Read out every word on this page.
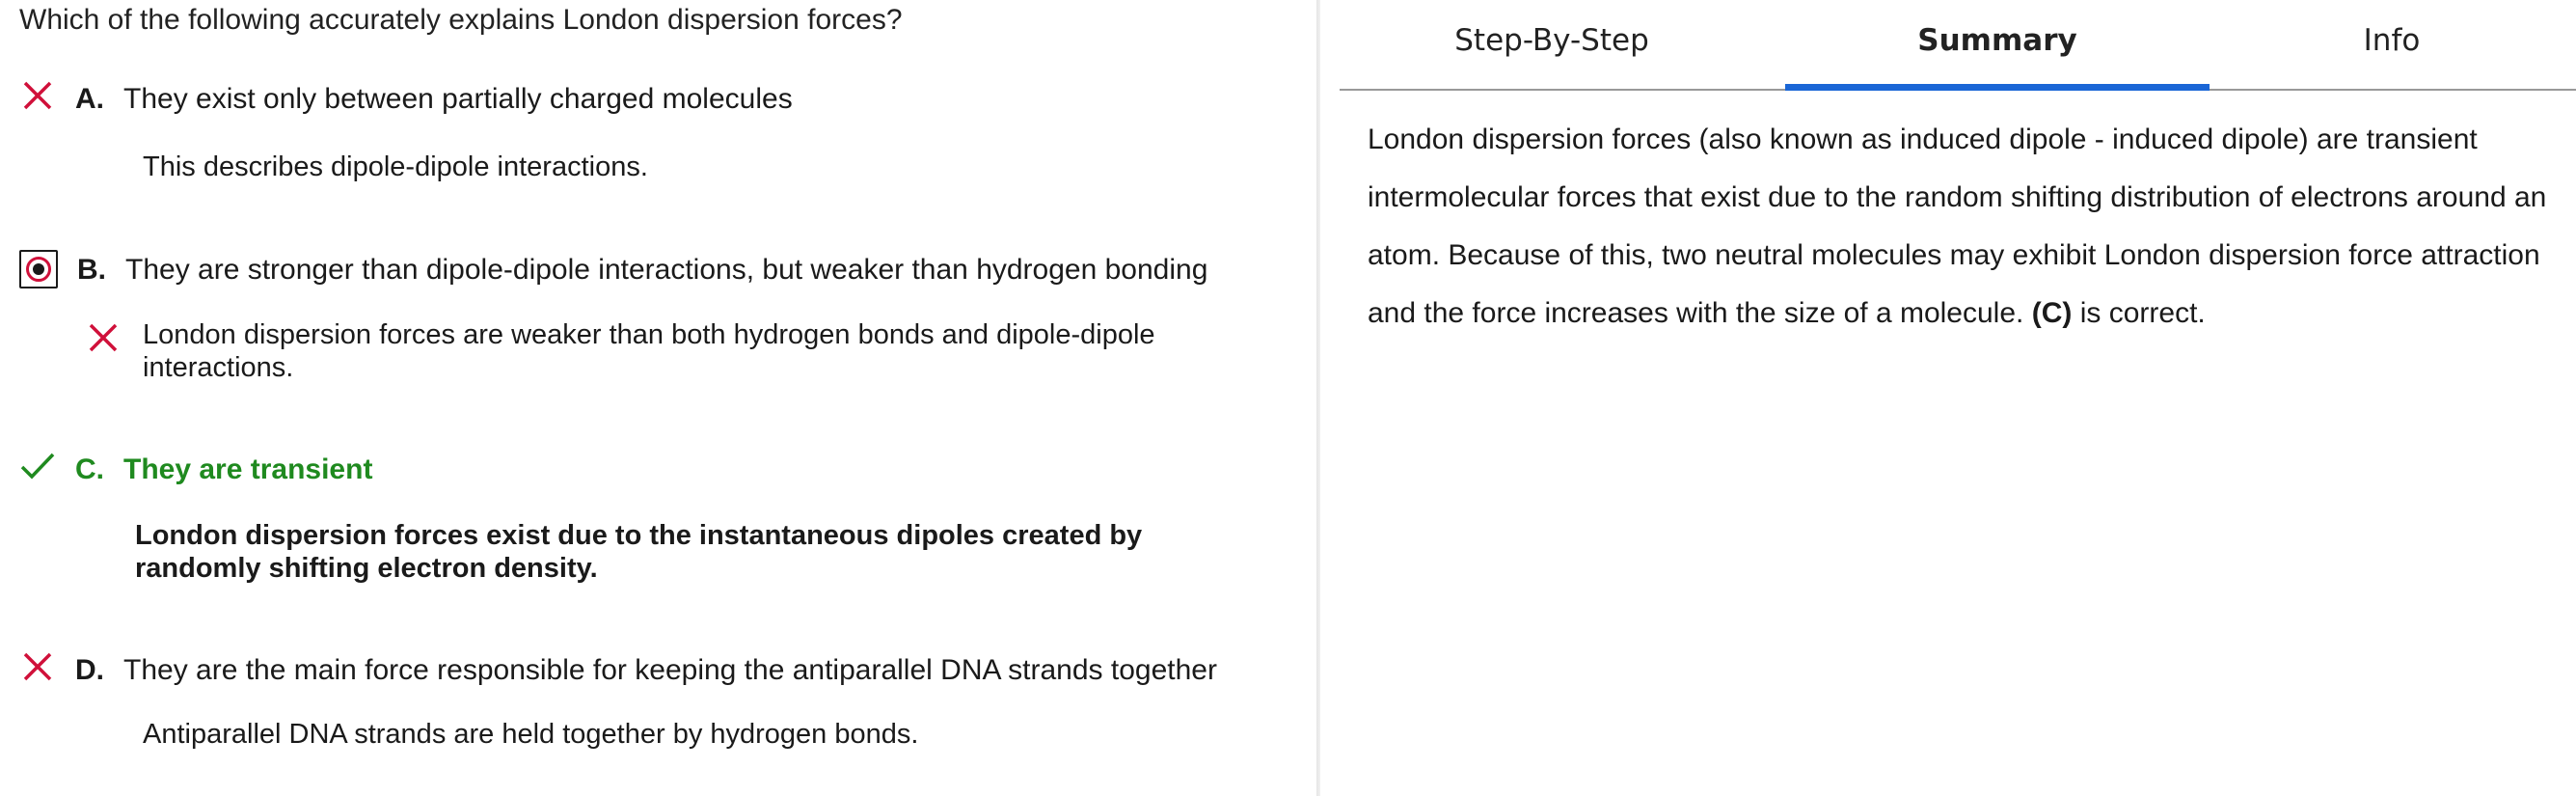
Which of the following accurately explains London dispersion forces?
A. They exist only between partially charged molecules
This describes dipole-dipole interactions.
B. They are stronger than dipole-dipole interactions, but weaker than hydrogen bonding
London dispersion forces are weaker than both hydrogen bonds and dipole-dipole interactions.
C. They are transient
London dispersion forces exist due to the instantaneous dipoles created by randomly shifting electron density.
D. They are the main force responsible for keeping the antiparallel DNA strands together
Antiparallel DNA strands are held together by hydrogen bonds.
Step-By-Step	Summary	Info
London dispersion forces (also known as induced dipole - induced dipole) are transient intermolecular forces that exist due to the random shifting distribution of electrons around an atom. Because of this, two neutral molecules may exhibit London dispersion force attraction and the force increases with the size of a molecule. (C) is correct.
